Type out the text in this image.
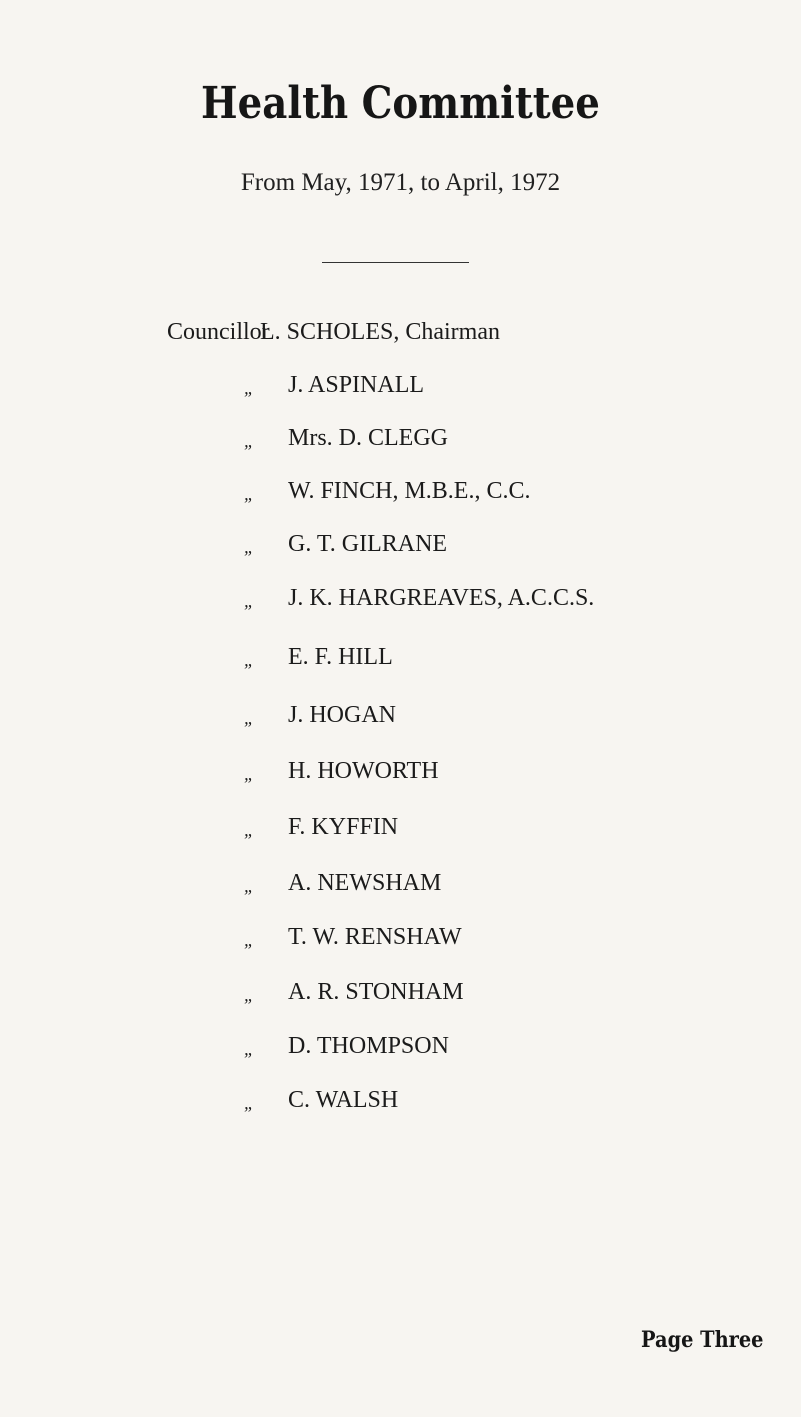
Health Committee
From May, 1971, to April, 1972
Councillor
L. SCHOLES, Chairman
„ J. ASPINALL
„ Mrs. D. CLEGG
„ W. FINCH, M.B.E., C.C.
„ G. T. GILRANE
„ J. K. HARGREAVES, A.C.C.S.
„ E. F. HILL
„ J. HOGAN
„ H. HOWORTH
„ F. KYFFIN
„ A. NEWSHAM
„ T. W. RENSHAW
„ A. R. STONHAM
„ D. THOMPSON
„ C. WALSH
Page Three
